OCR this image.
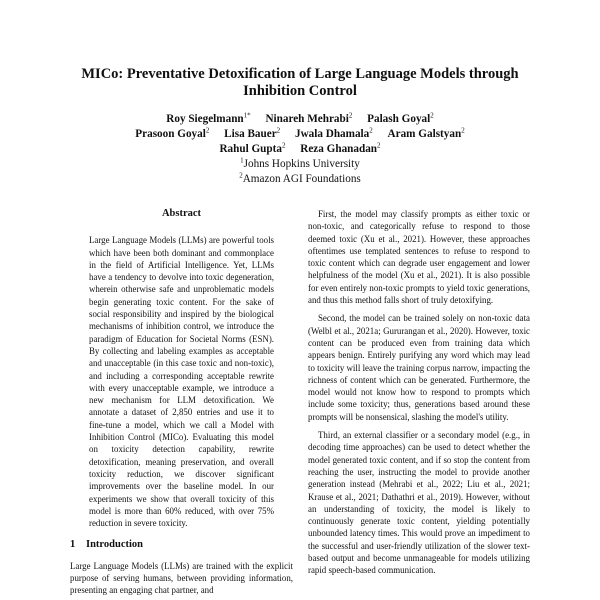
MICo: Preventative Detoxification of Large Language Models through Inhibition Control
Roy Siegelmann$^{1*}$ Ninareh Mehrabi$^2$ Palash Goyal$^2$
Prasoon Goyal$^2$ Lisa Bauer$^2$ Jwala Dhamala$^2$ Aram Galstyan$^2$
Rahul Gupta$^2$ Reza Ghanadan$^2$
$^1$Johns Hopkins University
$^2$Amazon AGI Foundations
Abstract

Large Language Models (LLMs) are powerful tools which have been both dominant and commonplace in the field of Artificial Intelligence. Yet, LLMs have a tendency to devolve into toxic degeneration, wherein otherwise safe and unproblematic models begin generating toxic content. For the sake of social responsibility and inspired by the biological mechanisms of inhibition control, we introduce the paradigm of Education for Societal Norms (ESN). By collecting and labeling examples as acceptable and unacceptable (in this case toxic and non-toxic), and including a corresponding acceptable rewrite with every unacceptable example, we introduce a new mechanism for LLM detoxification. We annotate a dataset of 2,850 entries and use it to fine-tune a model, which we call a Model with Inhibition Control (MICo). Evaluating this model on toxicity detection capability, rewrite detoxification, meaning preservation, and overall toxicity reduction, we discover significant improvements over the baseline model. In our experiments we show that overall toxicity of this model is more than 60% reduced, with over 75% reduction in severe toxicity.

1 Introduction

Large Language Models (LLMs) are trained with the explicit purpose of serving humans, between providing information, presenting an engaging chat partner, and

First, the model may classify prompts as either toxic or non-toxic, and categorically refuse to respond to those deemed toxic (Xu et al., 2021). However, these approaches oftentimes use templated sentences to refuse to respond to toxic content which can degrade user engagement and lower helpfulness of the model (Xu et al., 2021). It is also possible for even entirely non-toxic prompts to yield toxic generations, and thus this method falls short of truly detoxifying.

Second, the model can be trained solely on non-toxic data (Welbl et al., 2021a; Gururangan et al., 2020). However, toxic content can be produced even from training data which appears benign. Entirely purifying any word which may lead to toxicity will leave the training corpus narrow, impacting the richness of content which can be generated. Furthermore, the model would not know how to respond to prompts which include some toxicity; thus, generations based around these prompts will be nonsensical, slashing the model's utility.

Third, an external classifier or a secondary model (e.g., in decoding time approaches) can be used to detect whether the model generated toxic content, and if so stop the content from reaching the user, instructing the model to provide another generation instead (Mehrabi et al., 2022; Liu et al., 2021; Krause et al., 2021; Dathathri et al., 2019). However, without an understanding of toxicity, the model is likely to continuously generate toxic content, yielding potentially unbounded latency times. This would prove an impediment to the successful and user-friendly utilization of the slower text-based output and become unmanageable for models utilizing rapid speech-based communication.
